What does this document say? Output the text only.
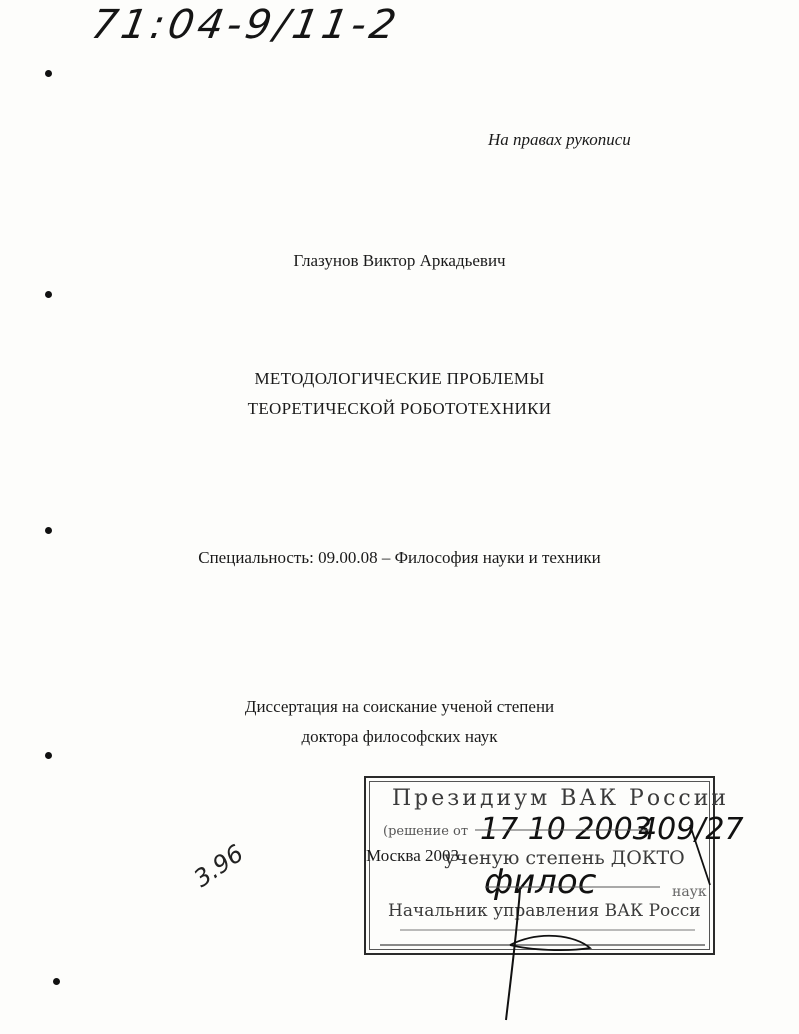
71:04-9/11-2
На правах рукописи
Глазунов Виктор Аркадьевич
МЕТОДОЛОГИЧЕСКИЕ ПРОБЛЕМЫ
ТЕОРЕТИЧЕСКОЙ РОБОТОТЕХНИКИ
Специальность: 09.00.08 – Философия науки и техники
Диссертация на соискание ученой степени
доктора философских наук
Президиум ВАК России
(решение от 17 10 2003
409/27
ученую степень ДОКТО
филос	наук
Начальник управления ВАК Росси
Москва 2003
3.96
